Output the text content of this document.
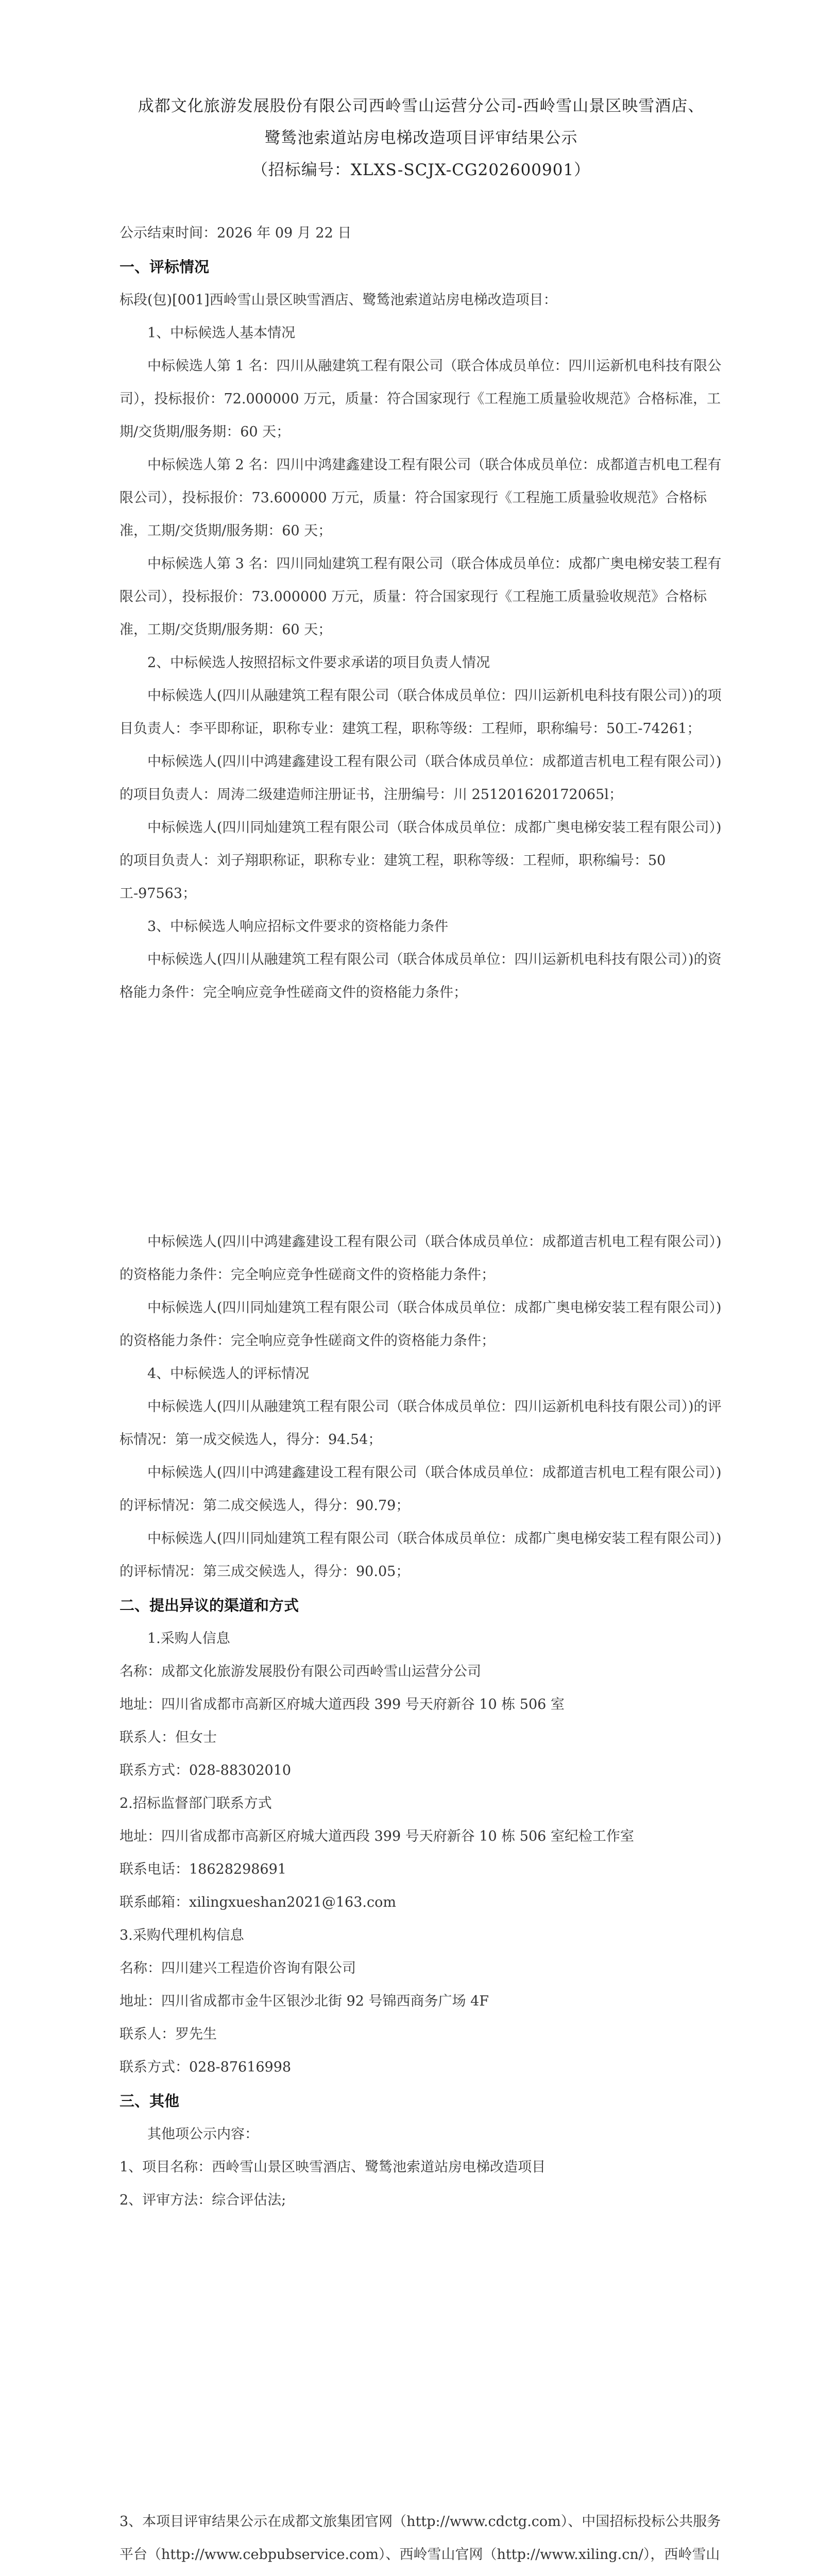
成都文化旅游发展股份有限公司西岭雪山运营分公司-西岭雪山景区映雪酒店、
鹭鸶池索道站房电梯改造项目评审结果公示
（招标编号：XLXS-SCJX-CG202600901）
公示结束时间：2026 年 09 月 22 日
一、评标情况
标段(包)[001]西岭雪山景区映雪酒店、鹭鸶池索道站房电梯改造项目：
1、中标候选人基本情况
中标候选人第 1 名：四川从融建筑工程有限公司（联合体成员单位：四川运新机电科技有限公司），投标报价：72.000000 万元，质量：符合国家现行《工程施工质量验收规范》合格标准，工期/交货期/服务期：60 天；
中标候选人第 2 名：四川中鸿建鑫建设工程有限公司（联合体成员单位：成都道吉机电工程有限公司），投标报价：73.600000 万元，质量：符合国家现行《工程施工质量验收规范》合格标准，工期/交货期/服务期：60 天；
中标候选人第 3 名：四川同灿建筑工程有限公司（联合体成员单位：成都广奥电梯安装工程有限公司），投标报价：73.000000 万元，质量：符合国家现行《工程施工质量验收规范》合格标准，工期/交货期/服务期：60 天；
2、中标候选人按照招标文件要求承诺的项目负责人情况
中标候选人(四川从融建筑工程有限公司（联合体成员单位：四川运新机电科技有限公司）)的项目负责人：李平即称证，职称专业：建筑工程，职称等级：工程师，职称编号：50工-74261；
中标候选人(四川中鸿建鑫建设工程有限公司（联合体成员单位：成都道吉机电工程有限公司）)的项目负责人：周涛二级建造师注册证书，注册编号：川 251201620172065l；
中标候选人(四川同灿建筑工程有限公司（联合体成员单位：成都广奥电梯安装工程有限公司）)的项目负责人：刘子翔职称证，职称专业：建筑工程，职称等级：工程师，职称编号：50 工-97563；
3、中标候选人响应招标文件要求的资格能力条件
中标候选人(四川从融建筑工程有限公司（联合体成员单位：四川运新机电科技有限公司）)的资格能力条件：完全响应竞争性磋商文件的资格能力条件；
中标候选人(四川中鸿建鑫建设工程有限公司（联合体成员单位：成都道吉机电工程有限公司）)的资格能力条件：完全响应竞争性磋商文件的资格能力条件；
中标候选人(四川同灿建筑工程有限公司（联合体成员单位：成都广奥电梯安装工程有限公司）)的资格能力条件：完全响应竞争性磋商文件的资格能力条件；
4、中标候选人的评标情况
中标候选人(四川从融建筑工程有限公司（联合体成员单位：四川运新机电科技有限公司）)的评标情况：第一成交候选人，得分：94.54；
中标候选人(四川中鸿建鑫建设工程有限公司（联合体成员单位：成都道吉机电工程有限公司）)的评标情况：第二成交候选人，得分：90.79；
中标候选人(四川同灿建筑工程有限公司（联合体成员单位：成都广奥电梯安装工程有限公司）)的评标情况：第三成交候选人，得分：90.05；
二、提出异议的渠道和方式
1.采购人信息
名称：成都文化旅游发展股份有限公司西岭雪山运营分公司
地址：四川省成都市高新区府城大道西段 399 号天府新谷 10 栋 506 室
联系人：但女士
联系方式：028-88302010
2.招标监督部门联系方式
地址：四川省成都市高新区府城大道西段 399 号天府新谷 10 栋 506 室纪检工作室
联系电话：18628298691
联系邮箱：xilingxueshan2021@163.com
3.采购代理机构信息
名称：四川建兴工程造价咨询有限公司
地址：四川省成都市金牛区银沙北街 92 号锦西商务广场 4F
联系人：罗先生
联系方式：028-87616998
三、其他
其他项公示内容：
1、项目名称：西岭雪山景区映雪酒店、鹭鸶池索道站房电梯改造项目
2、评审方法：综合评估法;
3、本项目评审结果公示在成都文旅集团官网（http://www.cdctg.com）、中国招标投标公共服务平台（http://www.cebpubservice.com）、西岭雪山官网（http://www.xiling.cn/），西岭雪山
